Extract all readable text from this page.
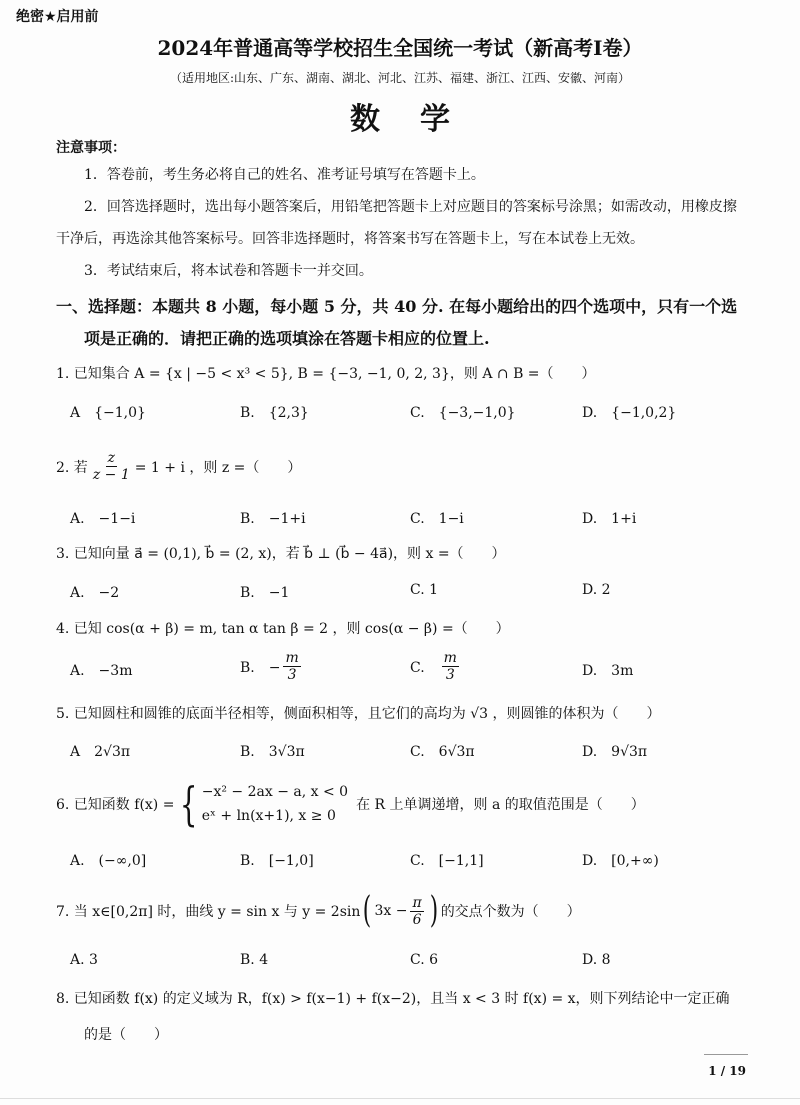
绝密★启用前
2024年普通高等学校招生全国统一考试（新高考Ⅰ卷）
（适用地区:山东、广东、湖南、湖北、河北、江苏、福建、浙江、江西、安徽、河南）
数学
注意事项：
1．答卷前，考生务必将自己的姓名、准考证号填写在答题卡上。
2．回答选择题时，选出每小题答案后，用铅笔把答题卡上对应题目的答案标号涂黑；如需改动，用橡皮擦
干净后，再选涂其他答案标号。回答非选择题时，将答案书写在答题卡上，写在本试卷上无效。
3．考试结束后，将本试卷和答题卡一并交回。
一、选择题：本题共 8 小题，每小题 5 分，共 40 分. 在每小题给出的四个选项中，只有一个选
项是正确的．请把正确的选项填涂在答题卡相应的位置上.
1. 已知集合 A = {x | −5 < x³ < 5}, B = {−3, −1, 0, 2, 3}，则 A ∩ B =（　　）
A　{−1,0}	B.　{2,3}	C.　{−3,−1,0}	D.　{−1,0,2}
2. 若 $\frac{z}{z - 1} = 1 + i$ ，则 z =（　　）
A.　−1−i	B.　−1+i	C.　1−i	D.　1+i
3. 已知向量 a⃗ = (0,1), b⃗ = (2, x)，若 b⃗ ⊥ (b⃗ − 4a⃗)，则 x =（　　）
A.　−2	B.　−1	C. 1	D. 2
4. 已知 cos(α + β) = m, tan α tan β = 2 ，则 cos(α − β) =（　　）
A.　−3m	B.　− $\frac{m}{3}$	C.　 $\frac{m}{3}$	D.　3m
5. 已知圆柱和圆锥的底面半径相等，侧面积相等，且它们的高均为 √3 ，则圆锥的体积为（　　）
A　2√3π	B.　3√3π	C.　6√3π	D.　9√3π
6. 已知函数 f(x) = { −x² − 2ax − a, x < 0
eˣ + ln(x+1), x ≥ 0
在 R 上单调递增，则 a 的取值范围是（　　）
A.　(−∞,0]	B.　[−1,0]	C.　[−1,1]	D.　[0,+∞)
7. 当 x∈[0,2π] 时，曲线 y = sin x 与 y = 2sin ( $3x - \frac{\pi}{6}$ ) 的交点个数为（　　）
A. 3	B. 4	C. 6	D. 8
8. 已知函数 f(x) 的定义域为 R，f(x) > f(x−1) + f(x−2)，且当 x < 3 时 f(x) = x，则下列结论中一定正确
的是（　　）
1 / 19
